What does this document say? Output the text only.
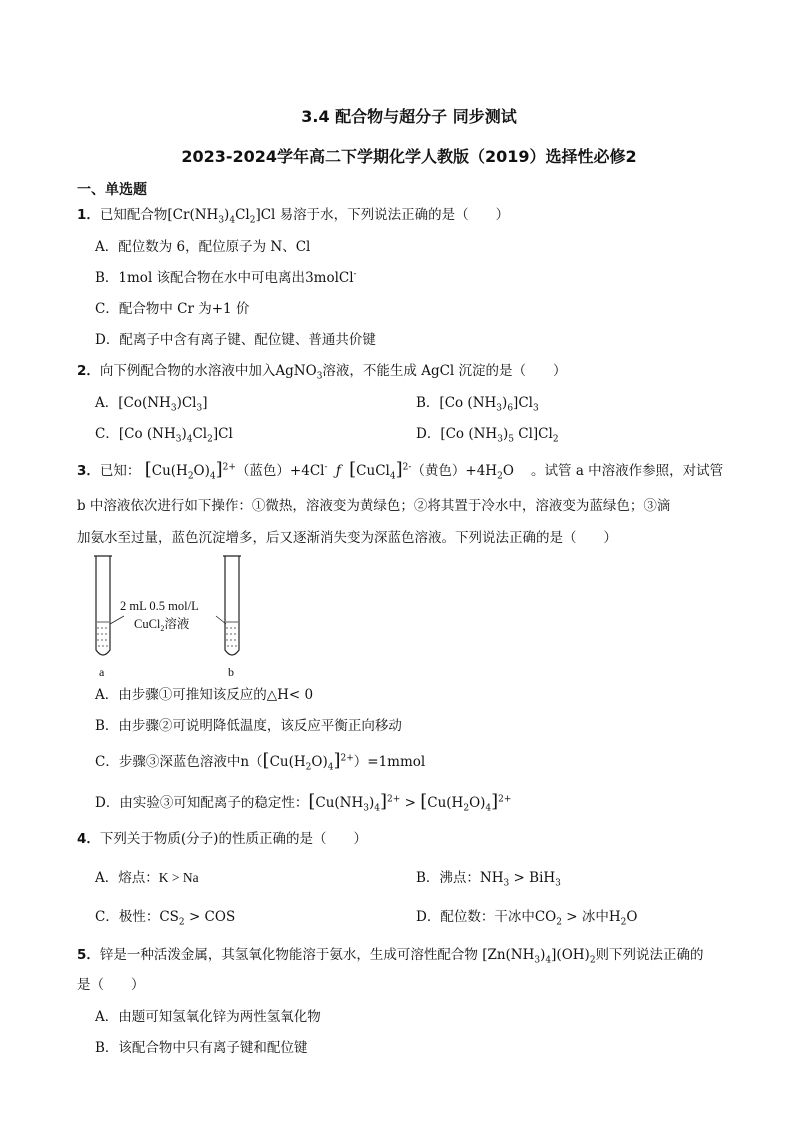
3.4 配合物与超分子 同步测试
2023-2024学年高二下学期化学人教版（2019）选择性必修2
一、单选题
1．已知配合物$[Cr(NH_3)_4Cl_2]Cl$ 易溶于水，下列说法正确的是（　　）
A．配位数为 6，配位原子为 N、Cl
B．1mol 该配合物在水中可电离出3molCl-
C．配合物中 Cr 为+1 价
D．配离子中含有离子键、配位键、普通共价键
2．向下例配合物的水溶液中加入AgNO$_3$溶液，不能生成 AgCl 沉淀的是（　　）
A．$[Co(NH_3)Cl_3]$	B．[Co $(NH_3)_6]Cl_3$
C．[Co $(NH_3)_4Cl_2]Cl$	D．[Co $(NH_3)_5$ $Cl]Cl_2$
3．已知： $[Cu(H_2O)_4]^{2+}$（蓝色）+4Cl- ƒ [CuCl$_4$]$^{2-}$（黄色）$+4H_2O$    。试管 a 中溶液作参照，对试管
b 中溶液依次进行如下操作：①微热，溶液变为黄绿色；②将其置于冷水中，溶液变为蓝绿色；③滴
加氨水至过量，蓝色沉淀增多，后又逐渐消失变为深蓝色溶液。下列说法正确的是（　　）
2 mL 0.5 mol/L
CuCl$_2$溶液
a	b
A．由步骤①可推知该反应的△H< 0
B．由步骤②可说明降低温度，该反应平衡正向移动
C．步骤③深蓝色溶液中$n([Cu(H_2O)_4]^{2+})=1mmol$
D．由实验③可知配离子的稳定性：$[Cu(NH_3)_4]^{2+} > [Cu(H_2O)_4]^{2+}$
4．下列关于物质(分子)的性质正确的是（　　）
A．熔点：K > Na	B．沸点：$NH_3 > BiH_3$
C．极性：$CS_2$ > COS	D．配位数：干冰中$CO_2$ > 冰中$H_2O$
5．锌是一种活泼金属，其氢氧化物能溶于氨水，生成可溶性配合物 $[Zn(NH_3)_4](OH)_2$则下列说法正确的
是（　　）
A．由题可知氢氧化锌为两性氢氧化物
B．该配合物中只有离子键和配位键
